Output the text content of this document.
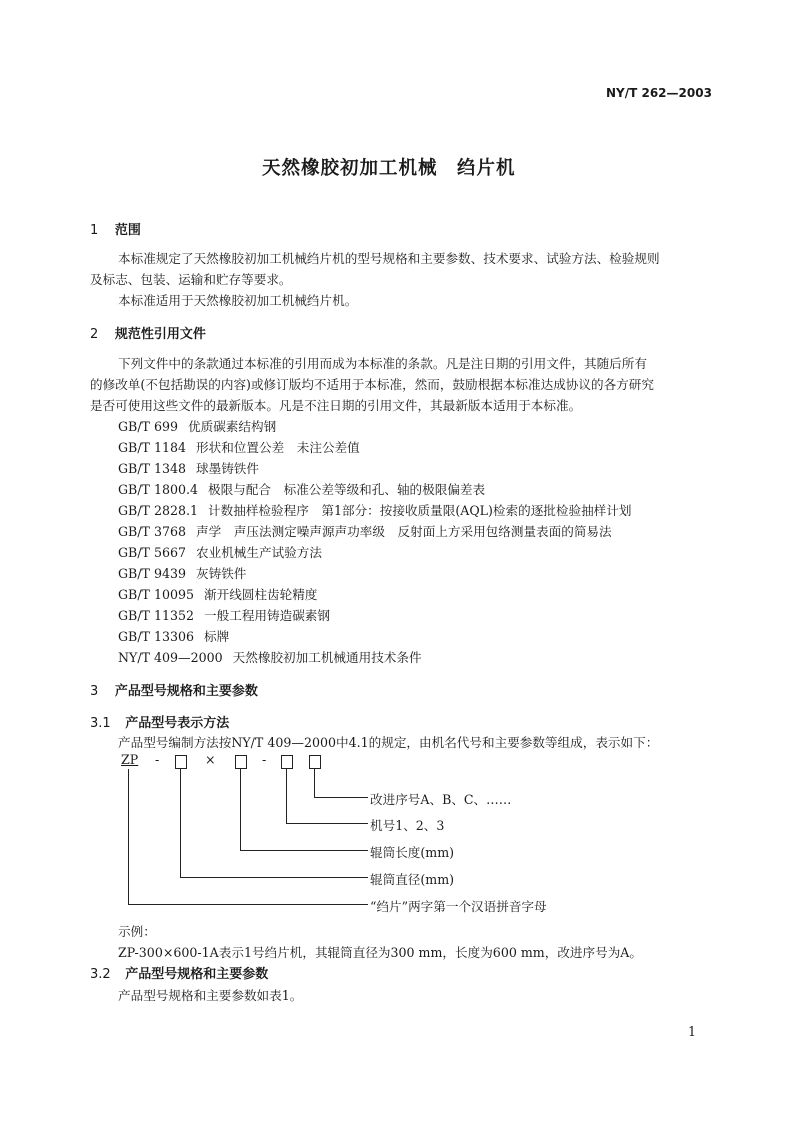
NY/T 262—2003
天然橡胶初加工机械　绉片机
1 范围
本标准规定了天然橡胶初加工机械绉片机的型号规格和主要参数、技术要求、试验方法、检验规则
及标志、包装、运输和贮存等要求。
本标准适用于天然橡胶初加工机械绉片机。
2 规范性引用文件
下列文件中的条款通过本标准的引用而成为本标准的条款。凡是注日期的引用文件，其随后所有
的修改单(不包括勘误的内容)或修订版均不适用于本标准，然而，鼓励根据本标准达成协议的各方研究
是否可使用这些文件的最新版本。凡是不注日期的引用文件，其最新版本适用于本标准。
GB/T 699 优质碳素结构钢
GB/T 1184 形状和位置公差　未注公差值
GB/T 1348 球墨铸铁件
GB/T 1800.4 极限与配合　标准公差等级和孔、轴的极限偏差表
GB/T 2828.1 计数抽样检验程序　第1部分：按接收质量限(AQL)检索的逐批检验抽样计划
GB/T 3768 声学　声压法测定噪声源声功率级　反射面上方采用包络测量表面的简易法
GB/T 5667 农业机械生产试验方法
GB/T 9439 灰铸铁件
GB/T 10095 渐开线圆柱齿轮精度
GB/T 11352 一般工程用铸造碳素钢
GB/T 13306 标牌
NY/T 409—2000 天然橡胶初加工机械通用技术条件
3 产品型号规格和主要参数
3.1 产品型号表示方法
产品型号编制方法按NY/T 409—2000中4.1的规定，由机名代号和主要参数等组成，表示如下：
ZP -	×	-
改进序号A、B、C、……
机号1、2、3
辊筒长度(mm)
辊筒直径(mm)
“绉片”两字第一个汉语拼音字母
示例：
ZP-300×600-1A表示1号绉片机，其辊筒直径为300 mm，长度为600 mm，改进序号为A。
3.2 产品型号规格和主要参数
产品型号规格和主要参数如表1。
1
